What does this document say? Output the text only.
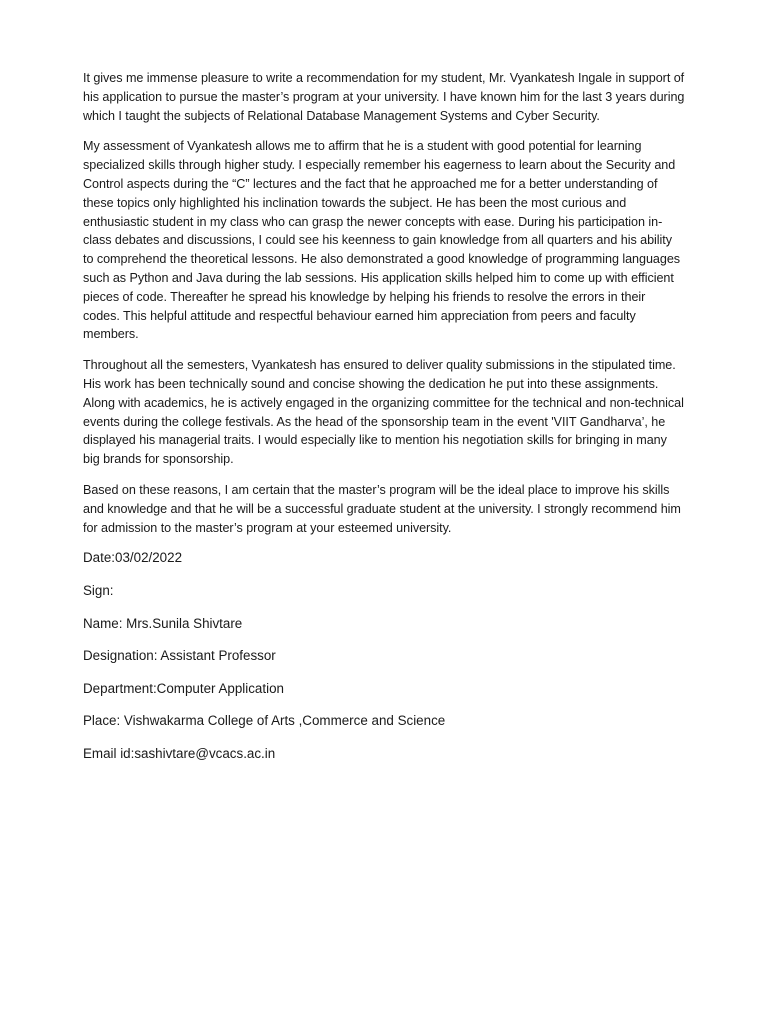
It gives me immense pleasure to write a recommendation for my student, Mr. Vyankatesh Ingale in support of his application to pursue the master’s program at your university. I have known him for the last 3 years during which I taught the subjects of Relational Database Management Systems and Cyber Security.

My assessment of Vyankatesh allows me to affirm that he is a student with good potential for learning specialized skills through higher study. I especially remember his eagerness to learn about the Security and Control aspects during the “C” lectures and the fact that he approached me for a better understanding of these topics only highlighted his inclination towards the subject. He has been the most curious and enthusiastic student in my class who can grasp the newer concepts with ease. During his participation in-class debates and discussions, I could see his keenness to gain knowledge from all quarters and his ability to comprehend the theoretical lessons. He also demonstrated a good knowledge of programming languages such as Python and Java during the lab sessions. His application skills helped him to come up with efficient pieces of code. Thereafter he spread his knowledge by helping his friends to resolve the errors in their codes. This helpful attitude and respectful behaviour earned him appreciation from peers and faculty members.

Throughout all the semesters, Vyankatesh has ensured to deliver quality submissions in the stipulated time. His work has been technically sound and concise showing the dedication he put into these assignments. Along with academics, he is actively engaged in the organizing committee for the technical and non-technical events during the college festivals. As the head of the sponsorship team in the event 'VIIT Gandharva’, he displayed his managerial traits. I would especially like to mention his negotiation skills for bringing in many big brands for sponsorship.

Based on these reasons, I am certain that the master’s program will be the ideal place to improve his skills and knowledge and that he will be a successful graduate student at the university. I strongly recommend him for admission to the master’s program at your esteemed university.

Date:03/02/2022
Sign:
Name: Mrs.Sunila Shivtare
Designation: Assistant Professor
Department:Computer Application
Place: Vishwakarma College of Arts ,Commerce and Science
Email id:sashivtare@vcacs.ac.in
